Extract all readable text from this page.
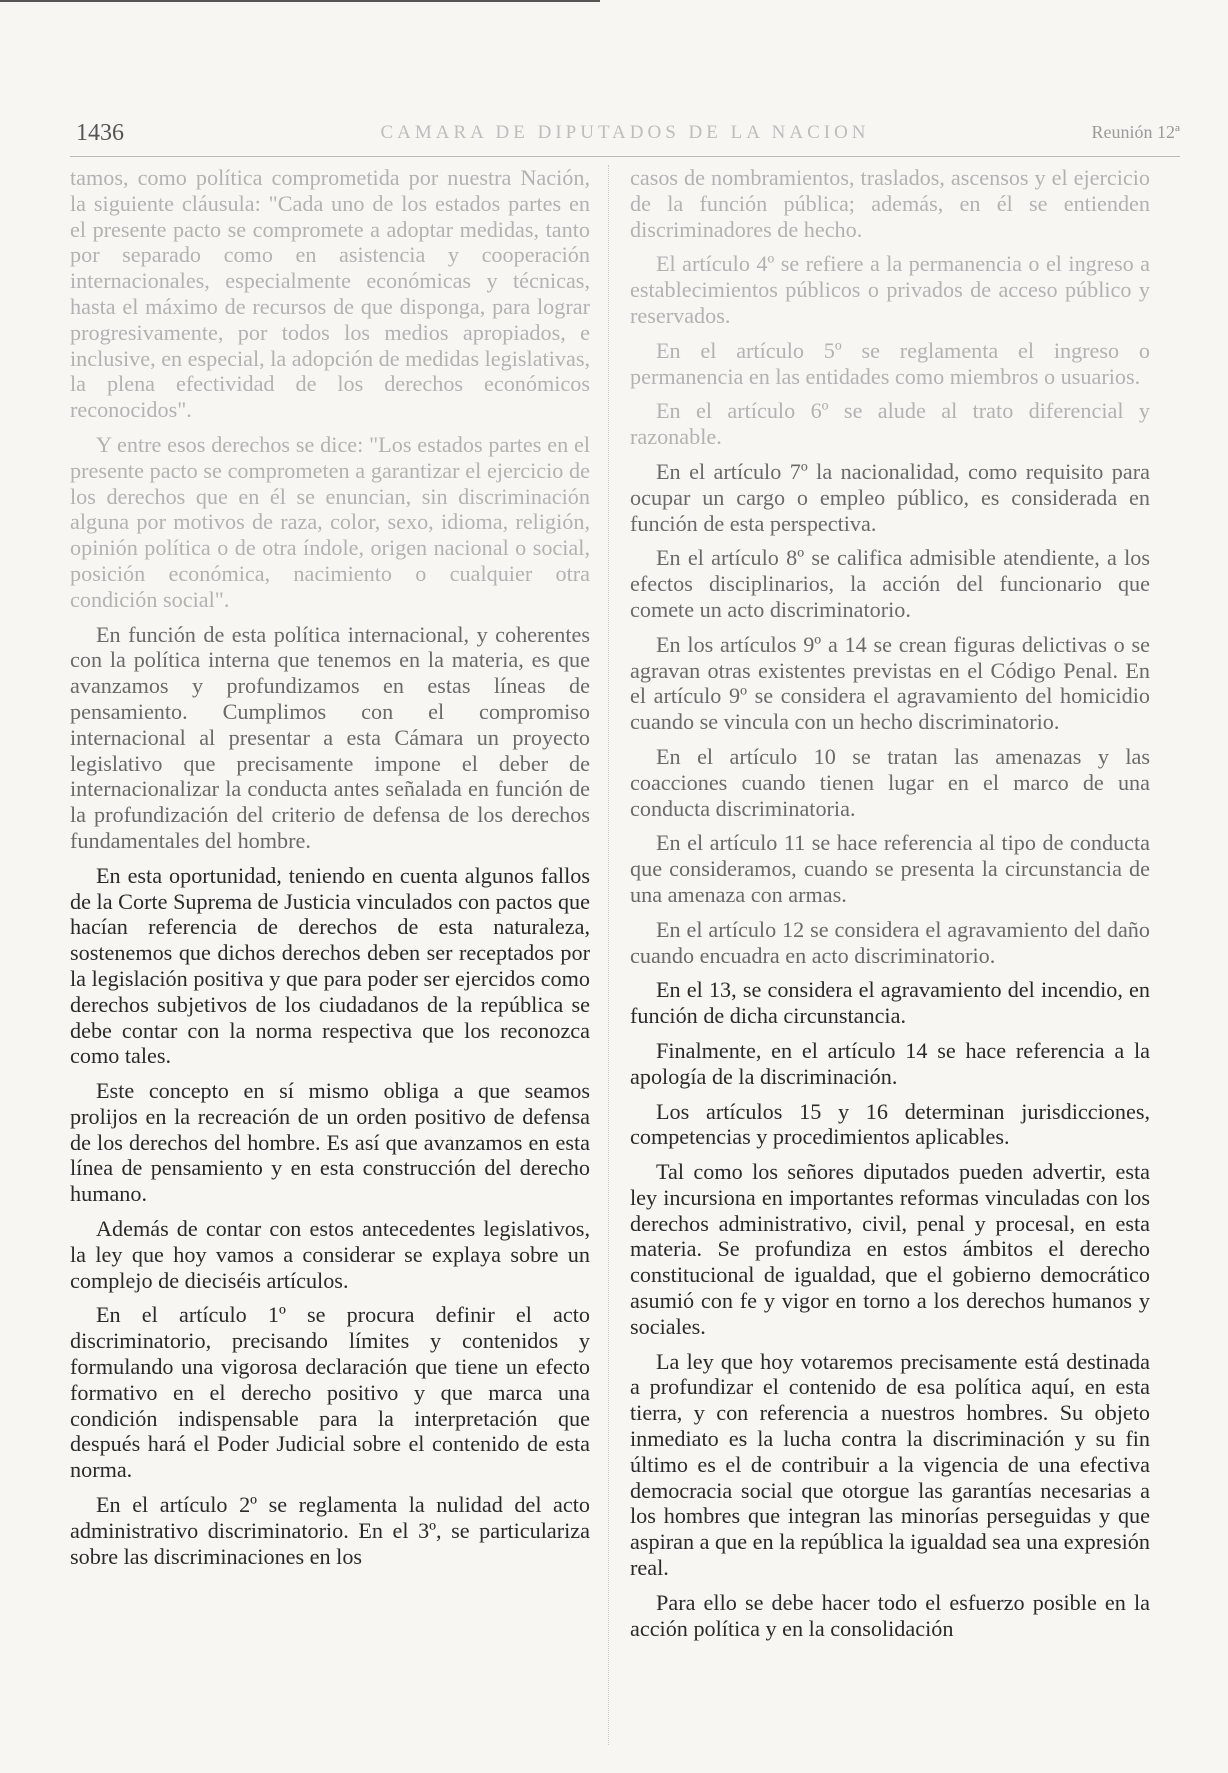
1436	CAMARA DE DIPUTADOS DE LA NACION	Reunión 12ª

tamos, como política comprometida por nuestra Nación, la siguiente cláusula: "Cada uno de los estados partes en el presente pacto se compromete a adoptar medidas, tanto por separado como en asistencia y cooperación internacionales, especialmente económicas y técnicas, hasta el máximo de recursos de que disponga, para lograr progresivamente, por todos los medios apropiados, e inclusive, en especial, la adopción de medidas legislativas, la plena efectividad de los derechos económicos reconocidos".

Y entre esos derechos se dice: "Los estados partes en el presente pacto se comprometen a garantizar el ejercicio de los derechos que en él se enuncian, sin discriminación alguna por motivos de raza, color, sexo, idioma, religión, opinión política o de otra índole, origen nacional o social, posición económica, nacimiento o cualquier otra condición social".

En función de esta política internacional, y coherentes con la política interna que tenemos en la materia, es que avanzamos y profundizamos en estas líneas de pensamiento. Cumplimos con el compromiso internacional al presentar a esta Cámara un proyecto legislativo que precisamente impone el deber de internacionalizar la conducta antes señalada en función de la profundización del criterio de defensa de los derechos fundamentales del hombre.

En esta oportunidad, teniendo en cuenta algunos fallos de la Corte Suprema de Justicia vinculados con pactos que hacían referencia de derechos de esta naturaleza, sostenemos que dichos derechos deben ser receptados por la legislación positiva y que para poder ser ejercidos como derechos subjetivos de los ciudadanos de la república se debe contar con la norma respectiva que los reconozca como tales.

Este concepto en sí mismo obliga a que seamos prolijos en la recreación de un orden positivo de defensa de los derechos del hombre. Es así que avanzamos en esta línea de pensamiento y en esta construcción del derecho humano.

Además de contar con estos antecedentes legislativos, la ley que hoy vamos a considerar se explaya sobre un complejo de dieciséis artículos.

En el artículo 1º se procura definir el acto discriminatorio, precisando límites y contenidos y formulando una vigorosa declaración que tiene un efecto formativo en el derecho positivo y que marca una condición indispensable para la interpretación que después hará el Poder Judicial sobre el contenido de esta norma.

En el artículo 2º se reglamenta la nulidad del acto administrativo discriminatorio. En el 3º, se particulariza sobre las discriminaciones en los

casos de nombramientos, traslados, ascensos y el ejercicio de la función pública; además, en él se entienden discriminadores de hecho.

El artículo 4º se refiere a la permanencia o el ingreso a establecimientos públicos o privados de acceso público y reservados.

En el artículo 5º se reglamenta el ingreso o permanencia en las entidades como miembros o usuarios.

En el artículo 6º se alude al trato diferencial y razonable.

En el artículo 7º la nacionalidad, como requisito para ocupar un cargo o empleo público, es considerada en función de esta perspectiva.

En el artículo 8º se califica admisible atendiente, a los efectos disciplinarios, la acción del funcionario que comete un acto discriminatorio.

En los artículos 9º a 14 se crean figuras delictivas o se agravan otras existentes previstas en el Código Penal. En el artículo 9º se considera el agravamiento del homicidio cuando se vincula con un hecho discriminatorio.

En el artículo 10 se tratan las amenazas y las coacciones cuando tienen lugar en el marco de una conducta discriminatoria.

En el artículo 11 se hace referencia al tipo de conducta que consideramos, cuando se presenta la circunstancia de una amenaza con armas.

En el artículo 12 se considera el agravamiento del daño cuando encuadra en acto discriminatorio.

En el 13, se considera el agravamiento del incendio, en función de dicha circunstancia.

Finalmente, en el artículo 14 se hace referencia a la apología de la discriminación.

Los artículos 15 y 16 determinan jurisdicciones, competencias y procedimientos aplicables.

Tal como los señores diputados pueden advertir, esta ley incursiona en importantes reformas vinculadas con los derechos administrativo, civil, penal y procesal, en esta materia. Se profundiza en estos ámbitos el derecho constitucional de igualdad, que el gobierno democrático asumió con fe y vigor en torno a los derechos humanos y sociales.

La ley que hoy votaremos precisamente está destinada a profundizar el contenido de esa política aquí, en esta tierra, y con referencia a nuestros hombres. Su objeto inmediato es la lucha contra la discriminación y su fin último es el de contribuir a la vigencia de una efectiva democracia social que otorgue las garantías necesarias a los hombres que integran las minorías perseguidas y que aspiran a que en la república la igualdad sea una expresión real.

Para ello se debe hacer todo el esfuerzo posible en la acción política y en la consolidación
